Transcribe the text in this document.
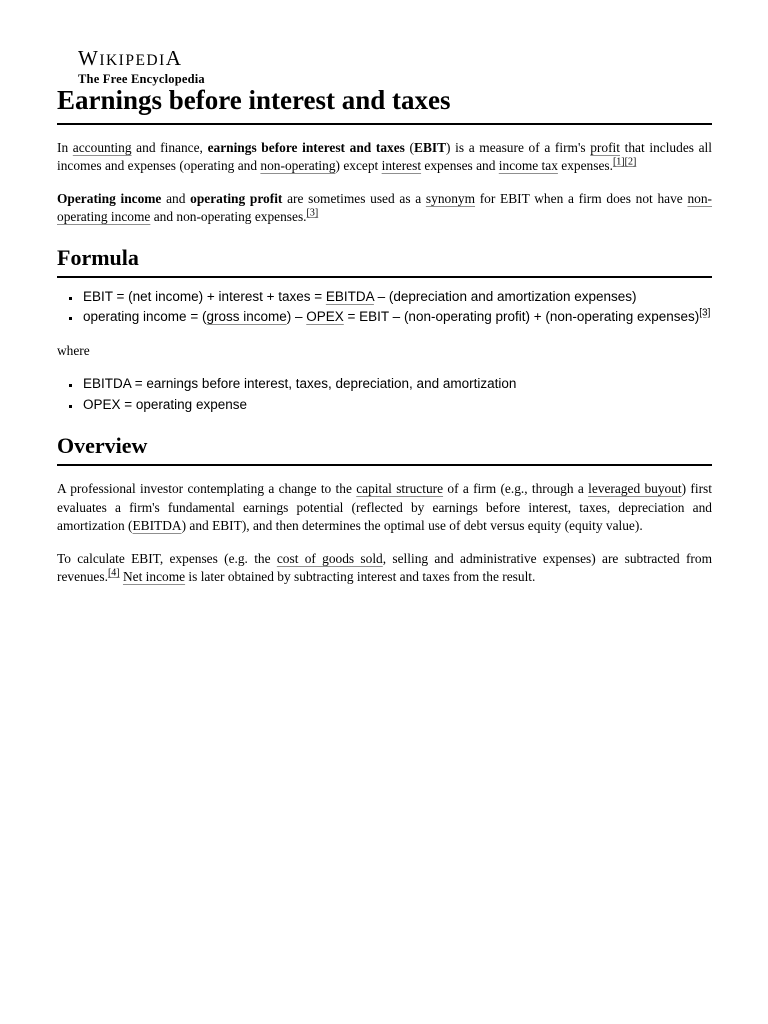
WIKIPEDIA
The Free Encyclopedia
Earnings before interest and taxes

In accounting and finance, earnings before interest and taxes (EBIT) is a measure of a firm's profit that includes all incomes and expenses (operating and non-operating) except interest expenses and income tax expenses.[1][2]

Operating income and operating profit are sometimes used as a synonym for EBIT when a firm does not have non-operating income and non-operating expenses.[3]

Formula
▪ EBIT = (net income) + interest + taxes = EBITDA – (depreciation and amortization expenses)
▪ operating income = (gross income) – OPEX = EBIT – (non-operating profit) + (non-operating expenses)[3]

where

▪ EBITDA = earnings before interest, taxes, depreciation, and amortization
▪ OPEX = operating expense
Overview

A professional investor contemplating a change to the capital structure of a firm (e.g., through a leveraged buyout) first evaluates a firm's fundamental earnings potential (reflected by earnings before interest, taxes, depreciation and amortization (EBITDA) and EBIT), and then determines the optimal use of debt versus equity (equity value).

To calculate EBIT, expenses (e.g. the cost of goods sold, selling and administrative expenses) are subtracted from revenues.[4] Net income is later obtained by subtracting interest and taxes from the result.
